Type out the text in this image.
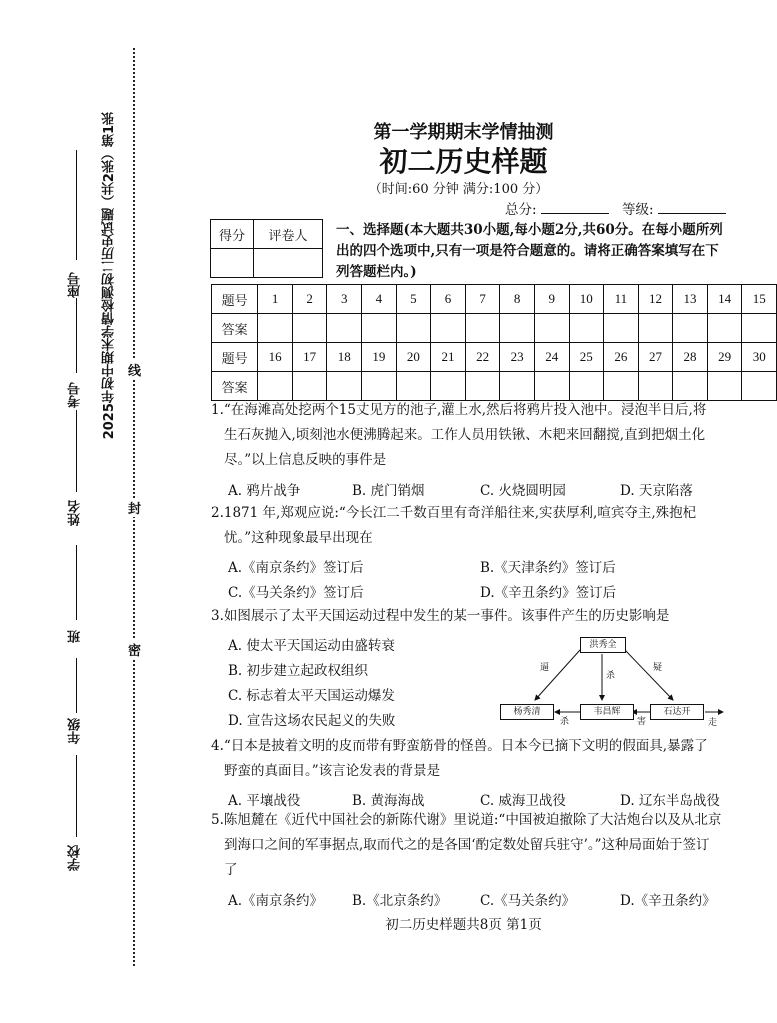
2025年初中期末学情检测初二历史试题（共2张）第1张
座号
考号
姓名
班
年级
学校
线
封
密
第一学期期末学情抽测
初二历史样题
（时间:60 分钟 满分:100 分）
总分:	等级:
得分	评卷人
	一、选择题(本大题共30小题,每小题2分,共60分。在每小题所列
出的四个选项中,只有一项是符合题意的。请将正确答案填写在下
列答题栏内。)
题号	1	2	3	4	5	6	7	8	9	10	11	12	13	14	15
答案															
题号	16	17	18	19	20	21	22	23	24	25	26	27	28	29	30
答案															
1.“在海滩高处挖两个15丈见方的池子,灌上水,然后将鸦片投入池中。浸泡半日后,将
生石灰抛入,顷刻池水便沸腾起来。工作人员用铁锹、木耙来回翻搅,直到把烟土化
尽。”以上信息反映的事件是
A. 鸦片战争	B. 虎门销烟	C. 火烧圆明园	D. 天京陷落
2.1871 年,郑观应说:“今长江二千数百里有奇洋船往来,实获厚利,喧宾夺主,殊抱杞
忧。”这种现象最早出现在
A.《南京条约》签订后	B.《天津条约》签订后
C.《马关条约》签订后	D.《辛丑条约》签订后
3.如图展示了太平天国运动过程中发生的某一事件。该事件产生的历史影响是
A. 使太平天国运动由盛转衰
B. 初步建立起政权组织
C. 标志着太平天国运动爆发
D. 宣告这场农民起义的失败
洪秀全
杨秀清	韦昌辉	石达开
逼
杀
疑
杀	害	走
4.“日本是披着文明的皮而带有野蛮筋骨的怪兽。日本今已摘下文明的假面具,暴露了
野蛮的真面目。”该言论发表的背景是
A. 平壤战役	B. 黄海海战	C. 威海卫战役	D. 辽东半岛战役
5.陈旭麓在《近代中国社会的新陈代谢》里说道:“中国被迫撤除了大沽炮台以及从北京
到海口之间的军事据点,取而代之的是各国‘酌定数处留兵驻守’。”这种局面始于签订
了
A.《南京条约》 B.《北京条约》 C.《马关条约》	D.《辛丑条约》
初二历史样题共8页 第1页
